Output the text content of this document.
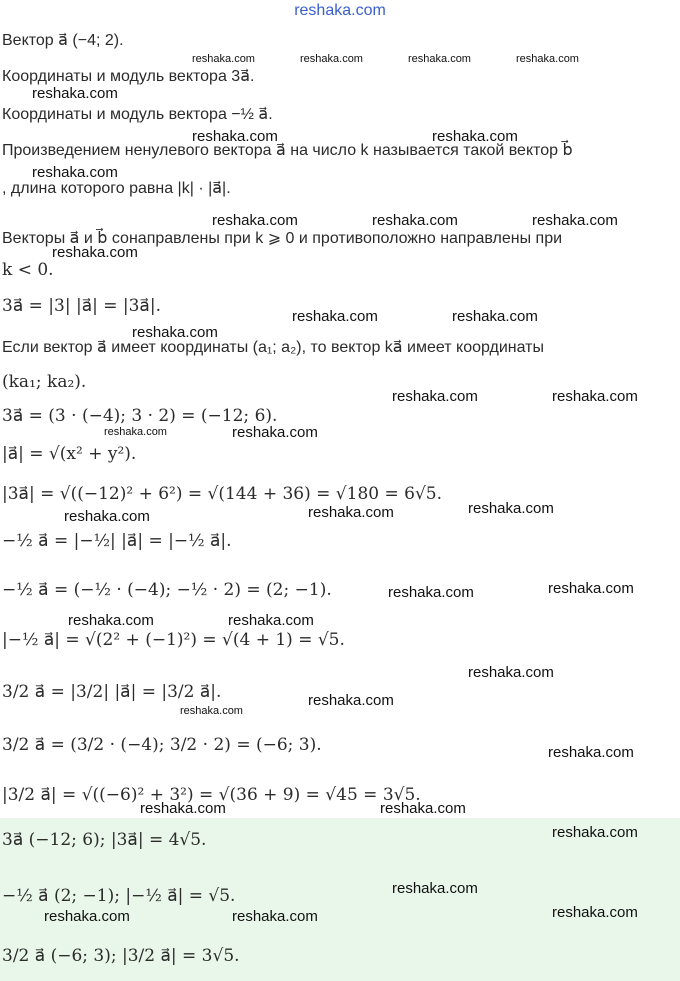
reshaka.com
Вектор a⃗ (−4; 2).
Координаты и модуль вектора 3a⃗.
Координаты и модуль вектора −½ a⃗.
Произведением ненулевого вектора a⃗ на число k называется такой вектор b⃗
, длина которого равна |k| · |a⃗|.
Векторы a⃗ и b⃗ сонаправлены при k ⩾ 0 и противоположно направлены при
k < 0.
3a⃗ = |3| |a⃗| = |3a⃗|.
Если вектор a⃗ имеет координаты (a₁; a₂), то вектор ka⃗ имеет координаты
(ka₁; ka₂).
3a⃗ = (3 · (−4); 3 · 2) = (−12; 6).
|a⃗| = √(x² + y²).
|3a⃗| = √((−12)² + 6²) = √(144 + 36) = √180 = 6√5.
−½ a⃗ = |−½| |a⃗| = |−½ a⃗|.
−½ a⃗ = (−½ · (−4); −½ · 2) = (2; −1).
|−½ a⃗| = √(2² + (−1)²) = √(4 + 1) = √5.
3/2 a⃗ = |3/2| |a⃗| = |3/2 a⃗|.
3/2 a⃗ = (3/2 · (−4); 3/2 · 2) = (−6; 3).
|3/2 a⃗| = √((−6)² + 3²) = √(36 + 9) = √45 = 3√5.
3a⃗ (−12; 6); |3a⃗| = 4√5.
−½ a⃗ (2; −1); |−½ a⃗| = √5.
3/2 a⃗ (−6; 3); |3/2 a⃗| = 3√5.
reshaka.com	reshaka.com	reshaka.com	reshaka.com
reshaka.com
reshaka.com	reshaka.com
reshaka.com
reshaka.com	reshaka.com	reshaka.com
reshaka.com
reshaka.com	reshaka.com
reshaka.com
reshaka.com	reshaka.com
reshaka.com	reshaka.com
reshaka.com	reshaka.com
reshaka.com
reshaka.com	reshaka.com
reshaka.com	reshaka.com
reshaka.com
reshaka.com
reshaka.com
reshaka.com
reshaka.com	reshaka.com
reshaka.com
reshaka.com
reshaka.com	reshaka.com	reshaka.com
